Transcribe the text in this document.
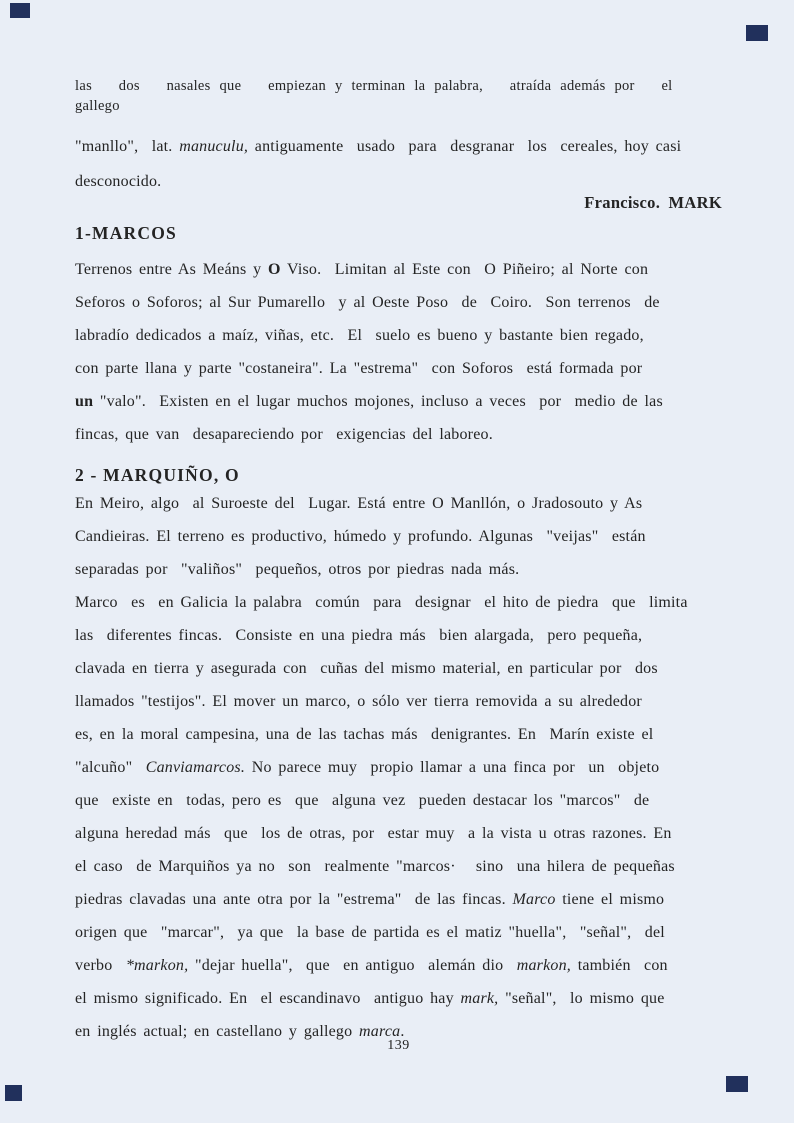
las   dos   nasales que   empiezan y terminan la palabra,   atraída además por   el
gallego
"manllo",  lat. manuculu, antiguamente  usado  para  desgranar  los  cereales, hoy casi
desconocido.
Francisco. MARK
1-MARCOS
Terrenos entre As Meáns y O Viso.  Limitan al Este con  O Piñeiro; al Norte con
Seforos o Soforos; al Sur Pumarello  y al Oeste Poso  de  Coiro.  Son terrenos  de
labradío dedicados a maíz, viñas, etc.  El  suelo es bueno y bastante bien regado,
con parte llana y parte "costaneira". La "estrema"  con Soforos  está formada por
un "valo".  Existen en el lugar muchos mojones, incluso a veces  por  medio de las
fincas, que van  desapareciendo por  exigencias del laboreo.
2 - MARQUIÑO, O
En Meiro, algo  al Suroeste del  Lugar. Está entre O Manllón, o Jradosouto y As
Candieiras. El terreno es productivo, húmedo y profundo. Algunas  "veijas"  están
separadas por  "valiños"  pequeños, otros por piedras nada más.
Marco  es  en Galicia la palabra  común  para  designar  el hito de piedra  que  limita
las  diferentes fincas.  Consiste en una piedra más  bien alargada,  pero pequeña,
clavada en tierra y asegurada con  cuñas del mismo material, en particular por  dos
llamados "testijos". El mover un marco, o sólo ver tierra removida a su alrededor
es, en la moral campesina, una de las tachas más  denigrantes. En  Marín existe el
"alcuño"  Canviamarcos. No parece muy  propio llamar a una finca por  un  objeto
que  existe en  todas, pero es  que  alguna vez  pueden destacar los "marcos"  de
alguna heredad más  que  los de otras, por  estar muy  a la vista u otras razones. En
el caso  de Marquiños ya no  son  realmente "marcos·   sino  una hilera de pequeñas
piedras clavadas una ante otra por la "estrema"  de las fincas. Marco tiene el mismo
origen que  "marcar",  ya que  la base de partida es el matiz "huella",  "señal",  del
verbo  *markon, "dejar huella",  que  en antiguo  alemán dio  markon, también  con
el mismo significado. En  el escandinavo  antiguo hay mark, "señal",  lo mismo que
en inglés actual; en castellano y gallego marca.
139
